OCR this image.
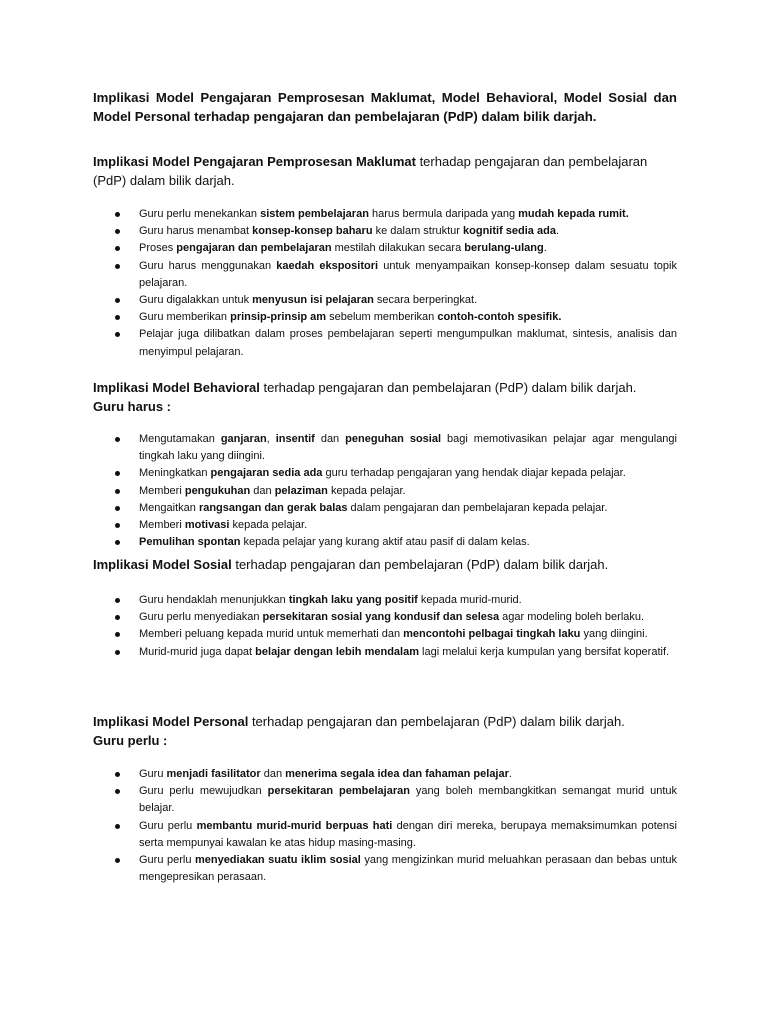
Implikasi Model Pengajaran Pemprosesan Maklumat, Model Behavioral, Model Sosial dan Model Personal terhadap pengajaran dan pembelajaran (PdP) dalam bilik darjah.

Implikasi Model Pengajaran Pemprosesan Maklumat terhadap pengajaran dan pembelajaran (PdP) dalam bilik darjah.

Guru perlu menekankan sistem pembelajaran harus bermula daripada yang mudah kepada rumit.
Guru harus menambat konsep-konsep baharu ke dalam struktur kognitif sedia ada.
Proses pengajaran dan pembelajaran mestilah dilakukan secara berulang-ulang.
Guru harus menggunakan kaedah ekspositori untuk menyampaikan konsep-konsep dalam sesuatu topik pelajaran.
Guru digalakkan untuk menyusun isi pelajaran secara berperingkat.
Guru memberikan prinsip-prinsip am sebelum memberikan contoh-contoh spesifik.
Pelajar juga dilibatkan dalam proses pembelajaran seperti mengumpulkan maklumat, sintesis, analisis dan menyimpul pelajaran.

Implikasi Model Behavioral terhadap pengajaran dan pembelajaran (PdP) dalam bilik darjah.

Guru harus :

Mengutamakan ganjaran, insentif dan peneguhan sosial bagi memotivasikan pelajar agar mengulangi tingkah laku yang diingini.
Meningkatkan pengajaran sedia ada guru terhadap pengajaran yang hendak diajar kepada pelajar.
Memberi pengukuhan dan pelaziman kepada pelajar.
Mengaitkan rangsangan dan gerak balas dalam pengajaran dan pembelajaran kepada pelajar.
Memberi motivasi kepada pelajar.
Pemulihan spontan kepada pelajar yang kurang aktif atau pasif di dalam kelas.

Implikasi Model Sosial terhadap pengajaran dan pembelajaran (PdP) dalam bilik darjah.

Guru hendaklah menunjukkan tingkah laku yang positif kepada murid-murid.
Guru perlu menyediakan persekitaran sosial yang kondusif dan selesa agar modeling boleh berlaku.
Memberi peluang kepada murid untuk memerhati dan mencontohi pelbagai tingkah laku yang diingini.
Murid-murid juga dapat belajar dengan lebih mendalam lagi melalui kerja kumpulan yang bersifat koperatif.

Implikasi Model Personal terhadap pengajaran dan pembelajaran (PdP) dalam bilik darjah.

Guru perlu :

Guru menjadi fasilitator dan menerima segala idea dan fahaman pelajar.
Guru perlu mewujudkan persekitaran pembelajaran yang boleh membangkitkan semangat murid untuk belajar.
Guru perlu membantu murid-murid berpuas hati dengan diri mereka, berupaya memaksimumkan potensi serta mempunyai kawalan ke atas hidup masing-masing.
Guru perlu menyediakan suatu iklim sosial yang mengizinkan murid meluahkan perasaan dan bebas untuk mengepresikan perasaan.
